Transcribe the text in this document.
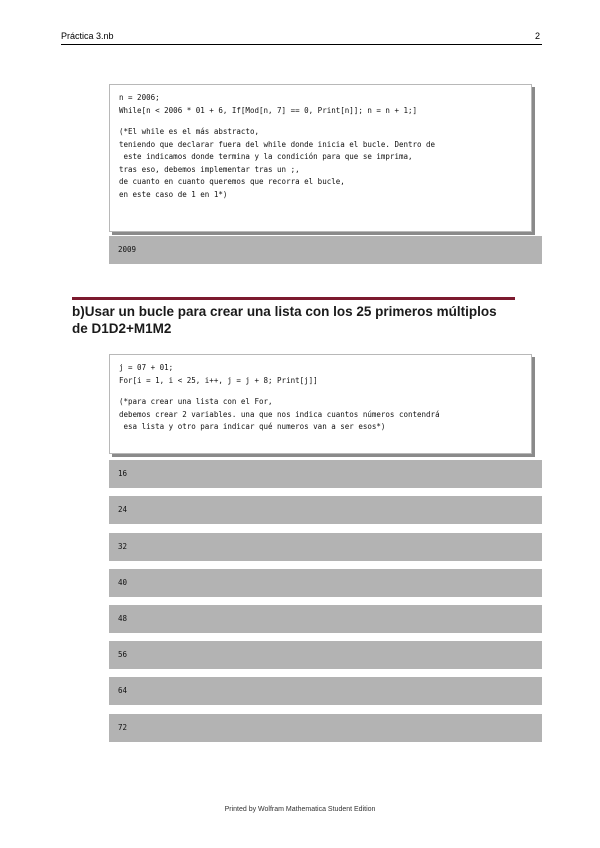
Práctica 3.nb	2
n = 2006;
While[n < 2006 * 01 + 6, If[Mod[n, 7] == 0, Print[n]]; n = n + 1;]
(*El while es el más abstracto,
teniendo que declarar fuera del while donde inicia el bucle. Dentro de
este indicamos donde termina y la condición para que se imprima,
tras eso, debemos implementar tras un ;,
de cuanto en cuanto queremos que recorra el bucle,
en este caso de 1 en 1*)
2009
b)Usar un bucle para crear una lista con los 25 primeros múltiplos de D1D2+M1M2
j = 07 + 01;
For[i = 1, i < 25, i++, j = j + 8; Print[j]]
(*para crear una lista con el For,
debemos crear 2 variables. una que nos indica cuantos números contendrá
esa lista y otro para indicar qué numeros van a ser esos*)
16
24
32
40
48
56
64
72
Printed by Wolfram Mathematica Student Edition
